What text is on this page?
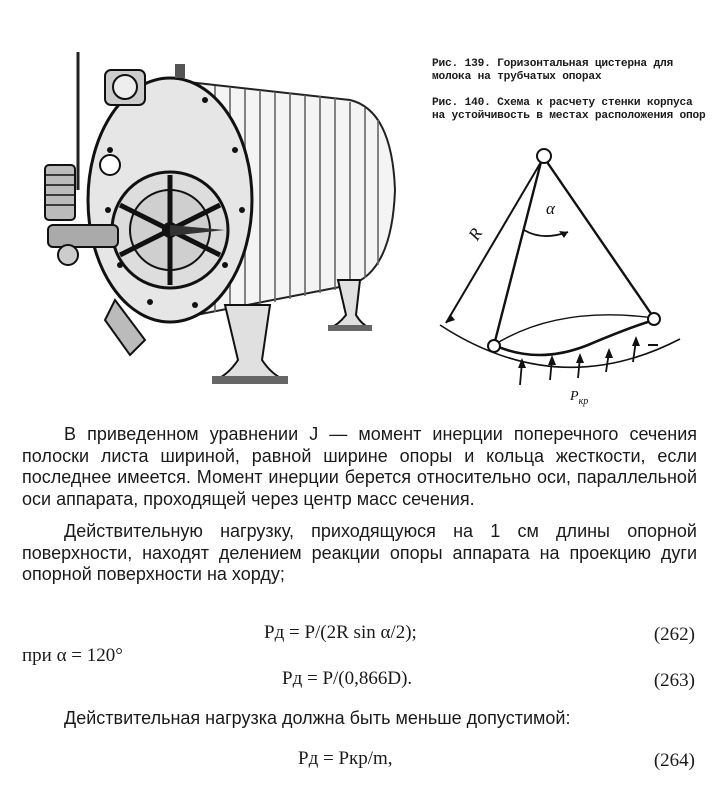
Рис. 139. Горизонтальная цистерна для молока на трубчатых опорах
Рис. 140. Схема к расчету стенки корпуса на устойчивость в местах расположения опор
α
R
$P_{кр}$

В приведенном уравнении J — момент инерции поперечного сечения полоски листа шириной, равной ширине опоры и кольца жесткости, если последнее имеется. Момент инерции берется относительно оси, параллельной оси аппарата, проходящей через центр масс сечения.

Действительную нагрузку, приходящуюся на 1 см длины опорной поверхности, находят делением реакции опоры аппарата на проекцию дуги опорной поверхности на хорду;

Pд = P/(2R sin α/2);	(262)
при α = 120°
Pд = P/(0,866D).	(263)
Действительная нагрузка должна быть меньше допустимой:
Pд = Pкр/m,	(264)
